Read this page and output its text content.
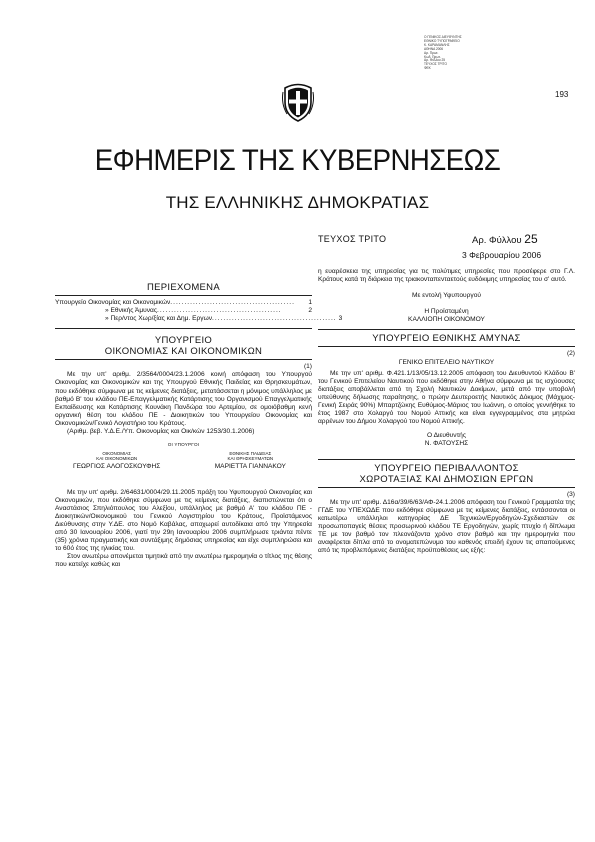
Ο ΓΕΝΙΚΟΣ ΔΙΕΥΘΥΝΤΗΣ
ΕΘΝΙΚΟ ΤΥΠΟΓΡΑΦΕΙΟ
Κ. ΚΑΡΑΜΑΝΛΗΣ
ΑΘΗΝΑ 2006
Αρ. Πρωτ.
Κωδ. Πρωτ.
Αρ. Φύλλου 25
ΤΕΥΧΟΣ ΤΡΙΤΟ
ΦΕΚ
193
ΕΦΗΜΕΡΙΣ ΤΗΣ ΚΥΒΕΡΝΗΣΕΩΣ
ΤΗΣ ΕΛΛΗΝΙΚΗΣ ΔΗΜΟΚΡΑΤΙΑΣ
ΤΕΥΧΟΣ ΤΡΙΤΟ	Αρ. Φύλλου 25
3 Φεβρουαρίου 2006
ΠΕΡΙΕΧΟΜΕΝΑ
Υπουργείο Οικονομίας και Οικονομικών ............................................	1
» Εθνικής Άμυνας ............................................	2
» Περ/ντος Χωρ/ξίας και Δημ. Εργων ............................................ 3
ΥΠΟΥΡΓΕΙΟ
ΟΙΚΟΝΟΜΙΑΣ ΚΑΙ ΟΙΚΟΝΟΜΙΚΩΝ
(1)
Με την υπ' αριθμ. 2/3564/0004/23.1.2006 κοινή απόφαση του Υπουργού Οικονομίας και Οικονομικών και της Υπουργού Εθνικής Παιδείας και Θρησκευμάτων, που εκδόθηκε σύμφωνα με τις κείμενες διατάξεις, μετατάσσεται η μόνιμος υπάλληλος με βαθμό Β' του κλάδου ΠΕ-Επαγγελματικής Κατάρτισης του Οργανισμού Επαγγελματικής Εκπαίδευσης και Κατάρτισης Κουνάκη Πανδώρα του Αρτεμίου, σε ομοιόβαθμη κενή οργανική θέση του κλάδου ΠΕ - Διοικητικών του Υπουργείου Οικονομίας και Οικονομικών/Γενικό Λογιστήριο του Κράτους.
(Αριθμ. βεβ. Υ.Δ.Ε./Υπ. Οικονομίας και Οικ/κών 1253/30.1.2006)
ΟΙ ΥΠΟΥΡΓΟΙ
ΟΙΚΟΝΟΜΙΑΣ
ΚΑΙ ΟΙΚΟΝΟΜΙΚΩΝ
ΓΕΩΡΓΙΟΣ ΑΛΟΓΟΣΚΟΥΦΗΣ
ΕΘΝΙΚΗΣ ΠΑΙΔΕΙΑΣ
ΚΑΙ ΘΡΗΣΚΕΥΜΑΤΩΝ
ΜΑΡΙΕΤΤΑ ΓΙΑΝΝΑΚΟΥ
Με την υπ' αριθμ. 2/64631/0004/29.11.2005 πράξη του Υφυπουργού Οικονομίας και Οικονομικών, που εκδόθηκε σύμφωνα με τις κείμενες διατάξεις, διαπιστώνεται ότι ο Αναστάσιος Σπηλιόπουλος του Αλεξίου, υπάλληλος με βαθμό Α' του κλάδου ΠΕ - Διοικητικών/Οικονομικού του Γενικού Λογιστηρίου του Κράτους, Προϊστάμενος Διεύθυνσης στην Υ.ΔΕ. στο Νομό Καβάλας, αποχωρεί αυτοδίκαια από την Υπηρεσία από 30 Ιανουαρίου 2006, γιατί την 29η Ιανουαρίου 2006 συμπλήρωσε τριάντα πέντε (35) χρόνια πραγματικής και συντάξιμης δημόσιας υπηρεσίας και είχε συμπληρώσει και το 60ό έτος της ηλικίας του.
Στον ανωτέρω απονέμεται τιμητικά από την ανωτέρω ημερομηνία ο τίτλος της θέσης που κατείχε καθώς και
η ευαρέσκεια της υπηρεσίας για τις πολύτιμες υπηρεσίες που προσέφερε στο Γ.Λ. Κράτους κατά τη διάρκεια της τριακονταπενταετούς ευδόκιμης υπηρεσίας του σ' αυτό.
Με εντολή Υφυπουργού
Η Προϊσταμένη
ΚΑΛΛΙΟΠΗ ΟΙΚΟΝΟΜΟΥ
ΥΠΟΥΡΓΕΙΟ ΕΘΝΙΚΗΣ ΑΜΥΝΑΣ
(2)
ΓΕΝΙΚΟ ΕΠΙΤΕΛΕΙΟ ΝΑΥΤΙΚΟΥ
Με την υπ' αριθμ. Φ.421.1/13/05/13.12.2005 απόφαση του Διευθυντού Κλάδου Β' του Γενικού Επιτελείου Ναυτικού που εκδόθηκε στην Αθήνα σύμφωνα με τις ισχύουσες διατάξεις αποβάλλεται από τη Σχολή Ναυτικών Δοκίμων, μετά από την υποβολή υπεύθυνης δήλωσης παραίτησης, ο πρώην Δευτεροετής Ναυτικός Δόκιμος (Μάχιμος-Γενική Σειράς 90%) Μπαρτζώκης Ευθύμιος-Μάριος του Ιωάννη, ο οποίος γεννήθηκε το έτος 1987 στο Χολαργό του Νομού Αττικής και είναι εγγεγραμμένος στα μητρώα αρρένων του Δήμου Χολαργού του Νομού Αττικής.
Ο Διευθυντής
Ν. ΦΑΤΟΥΣΗΣ
ΥΠΟΥΡΓΕΙΟ ΠΕΡΙΒΑΛΛΟΝΤΟΣ
ΧΩΡΟΤΑΞΙΑΣ ΚΑΙ ΔΗΜΟΣΙΩΝ ΕΡΓΩΝ
(3)
Με την υπ' αριθμ. Δ16α/39/6/63/ΑΦ-24.1.2006 απόφαση του Γενικού Γραμματέα της ΓΓΔΕ του ΥΠΕΧΩΔΕ που εκδόθηκε σύμφωνα με τις κείμενες διατάξεις, εντάσσονται οι κατωτέρω υπάλληλοι κατηγορίας ΔΕ Τεχνικών/Εργοδηγών-Σχεδιαστών σε προσωποπαγείς θέσεις προσωρινού κλάδου ΤΕ Εργοδηγών, χωρίς πτυχίο ή δίπλωμα ΤΕ με τον βαθμό τον πλεονάζοντα χρόνο στον βαθμό και την ημερομηνία που αναφέρεται δίπλα από το ονοματεπώνυμο του καθενός επειδή έχουν τις απαιτούμενες από τις προβλεπόμενες διατάξεις προϋποθέσεις ως εξής:
